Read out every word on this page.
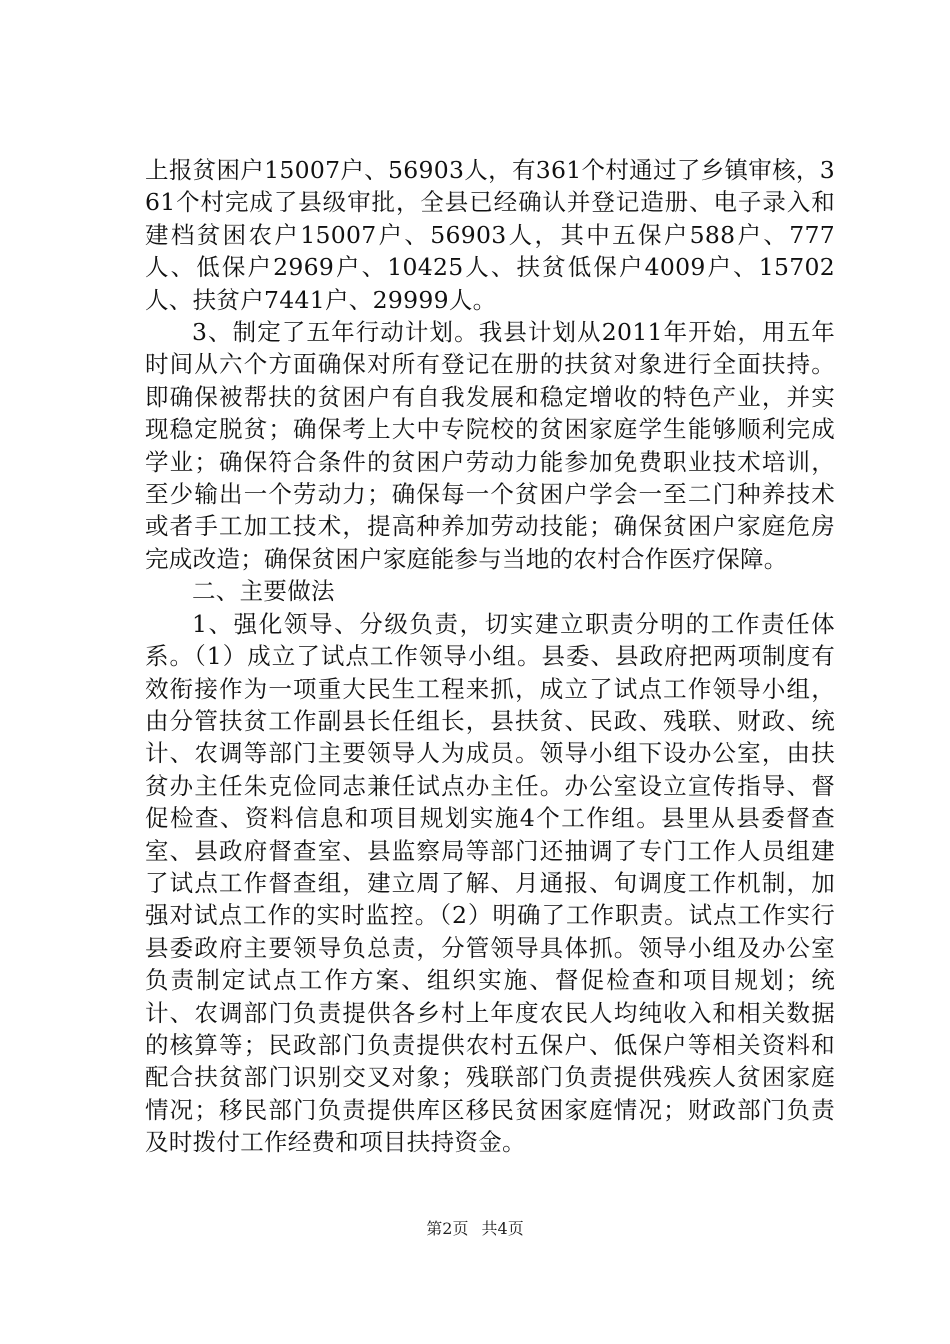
上报贫困户15007户、56903人，有361个村通过了乡镇审核，361个村完成了县级审批，全县已经确认并登记造册、电子录入和建档贫困农户15007户、56903人，其中五保户588户、777人、低保户2969户、10425人、扶贫低保户4009户、15702人、扶贫户7441户、29999人。

3、制定了五年行动计划。我县计划从2011年开始，用五年时间从六个方面确保对所有登记在册的扶贫对象进行全面扶持。即确保被帮扶的贫困户有自我发展和稳定增收的特色产业，并实现稳定脱贫；确保考上大中专院校的贫困家庭学生能够顺利完成学业；确保符合条件的贫困户劳动力能参加免费职业技术培训，至少输出一个劳动力；确保每一个贫困户学会一至二门种养技术或者手工加工技术，提高种养加劳动技能；确保贫困户家庭危房完成改造；确保贫困户家庭能参与当地的农村合作医疗保障。

二、主要做法

1、强化领导、分级负责，切实建立职责分明的工作责任体系。（1）成立了试点工作领导小组。县委、县政府把两项制度有效衔接作为一项重大民生工程来抓，成立了试点工作领导小组，由分管扶贫工作副县长任组长，县扶贫、民政、残联、财政、统计、农调等部门主要领导人为成员。领导小组下设办公室，由扶贫办主任朱克俭同志兼任试点办主任。办公室设立宣传指导、督促检查、资料信息和项目规划实施4个工作组。县里从县委督查室、县政府督查室、县监察局等部门还抽调了专门工作人员组建了试点工作督查组，建立周了解、月通报、旬调度工作机制，加强对试点工作的实时监控。（2）明确了工作职责。试点工作实行县委政府主要领导负总责，分管领导具体抓。领导小组及办公室负责制定试点工作方案、组织实施、督促检查和项目规划；统计、农调部门负责提供各乡村上年度农民人均纯收入和相关数据的核算等；民政部门负责提供农村五保户、低保户等相关资料和配合扶贫部门识别交叉对象；残联部门负责提供残疾人贫困家庭情况；移民部门负责提供库区移民贫困家庭情况；财政部门负责及时拨付工作经费和项目扶持资金。

第2页 共4页
